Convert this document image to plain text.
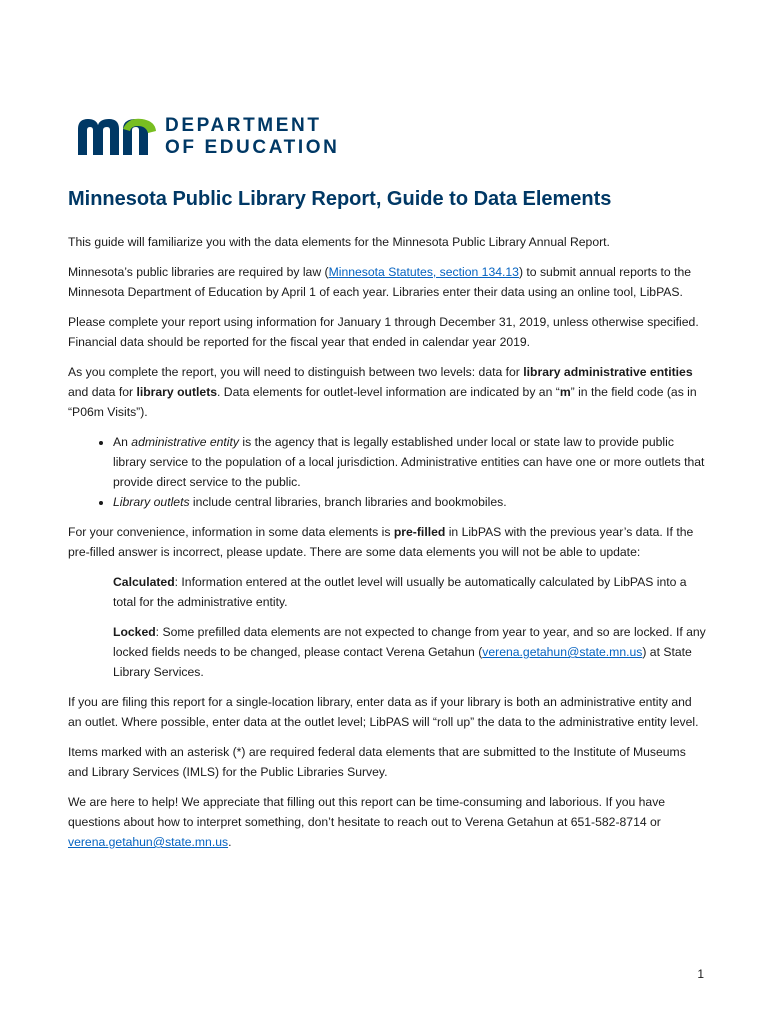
DEPARTMENT
OF EDUCATION
Minnesota Public Library Report, Guide to Data Elements

This guide will familiarize you with the data elements for the Minnesota Public Library Annual Report.

Minnesota’s public libraries are required by law (Minnesota Statutes, section 134.13) to submit annual reports to the Minnesota Department of Education by April 1 of each year. Libraries enter their data using an online tool, LibPAS.

Please complete your report using information for January 1 through December 31, 2019, unless otherwise specified. Financial data should be reported for the fiscal year that ended in calendar year 2019.

As you complete the report, you will need to distinguish between two levels: data for library administrative entities and data for library outlets. Data elements for outlet-level information are indicated by an “m” in the field code (as in “P06m Visits”).

• An administrative entity is the agency that is legally established under local or state law to provide public library service to the population of a local jurisdiction. Administrative entities can have one or more outlets that provide direct service to the public.
• Library outlets include central libraries, branch libraries and bookmobiles.

For your convenience, information in some data elements is pre-filled in LibPAS with the previous year’s data. If the pre-filled answer is incorrect, please update. There are some data elements you will not be able to update:

Calculated: Information entered at the outlet level will usually be automatically calculated by LibPAS into a total for the administrative entity.

Locked: Some prefilled data elements are not expected to change from year to year, and so are locked. If any locked fields needs to be changed, please contact Verena Getahun (verena.getahun@state.mn.us) at State Library Services.

If you are filing this report for a single-location library, enter data as if your library is both an administrative entity and an outlet. Where possible, enter data at the outlet level; LibPAS will “roll up” the data to the administrative entity level.

Items marked with an asterisk (*) are required federal data elements that are submitted to the Institute of Museums and Library Services (IMLS) for the Public Libraries Survey.

We are here to help! We appreciate that filling out this report can be time-consuming and laborious. If you have questions about how to interpret something, don’t hesitate to reach out to Verena Getahun at 651-582-8714 or verena.getahun@state.mn.us.

1
